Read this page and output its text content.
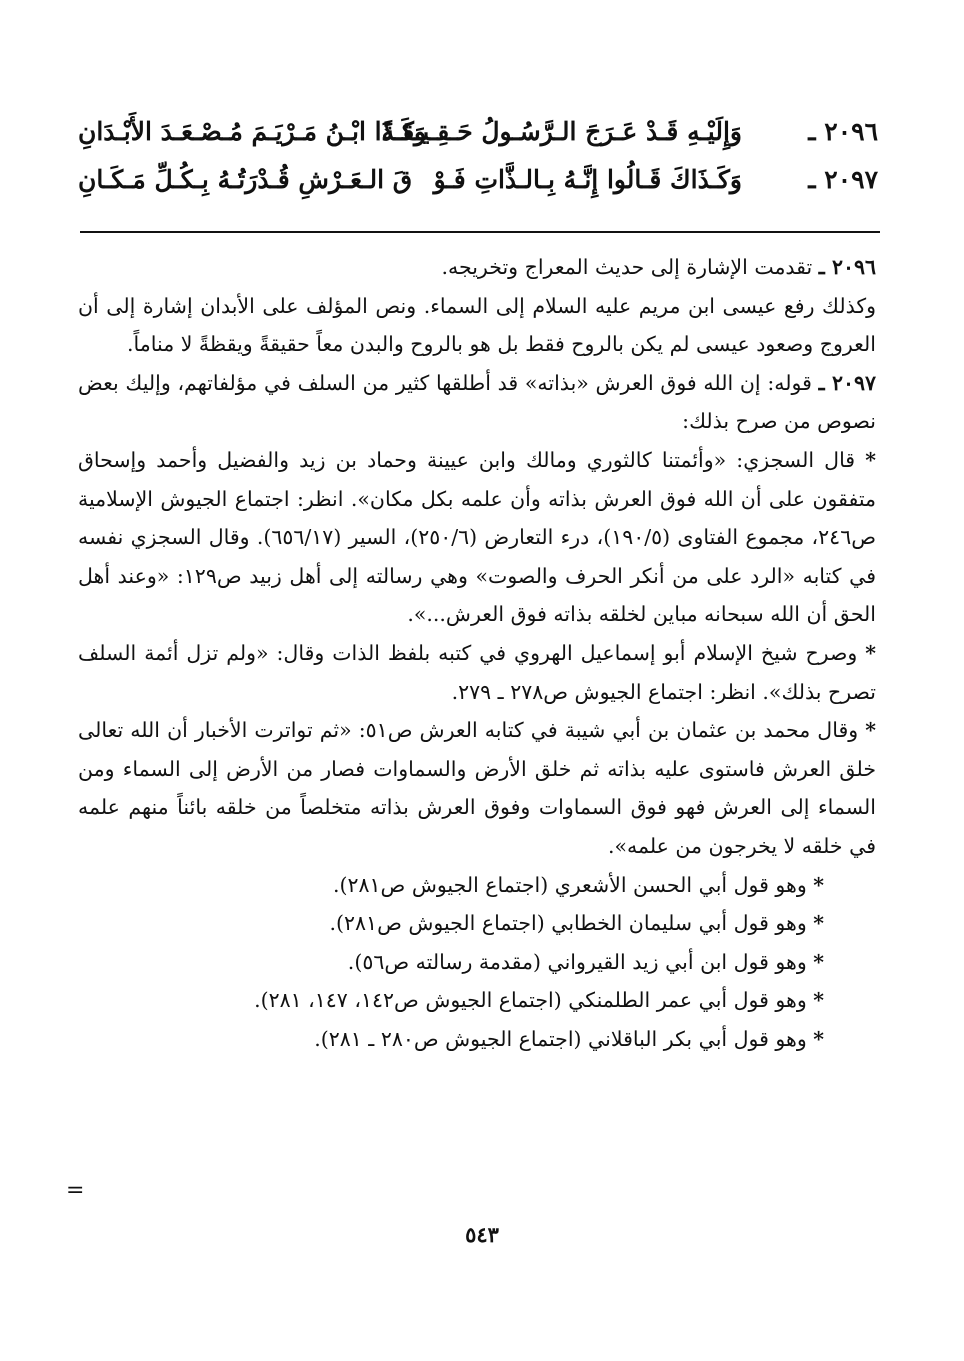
٢٠٩٦ ـ
وَإِلَيْـهِ قَـدْ عَـرَجَ الـرَّسُـولُ حَـقِـيـقَـةً
وَكَـذَا ابْـنُ مَـرْيَـمَ مُـصْـعَـدَ الأَبْـدَانِ
٢٠٩٧ ـ
وَكَـذَاكَ قَـالُوا إِنَّـهُ بِـالـذَّاتِ فَـوْ
قَ الـعَـرْشِ قُـدْرَتُـهُ بِـكُـلِّ مَـكَـانِ

٢٠٩٦ ـ تقدمت الإشارة إلى حديث المعراج وتخريجه.

وكذلك رفع عيسى ابن مريم عليه السلام إلى السماء. ونص المؤلف على الأبدان إشارة إلى أن العروج وصعود عيسى لم يكن بالروح فقط بل هو بالروح والبدن معاً حقيقةً ويقظةً لا مناماً.

٢٠٩٧ ـ قوله: إن الله فوق العرش «بذاته» قد أطلقها كثير من السلف في مؤلفاتهم، وإليك بعض نصوص من صرح بذلك:

* قال السجزي: «وأئمتنا كالثوري ومالك وابن عيينة وحماد بن زيد والفضيل وأحمد وإسحاق متفقون على أن الله فوق العرش بذاته وأن علمه بكل مكان». انظر: اجتماع الجيوش الإسلامية ص٢٤٦، مجموع الفتاوى (١٩٠/٥)، درء التعارض (٢٥٠/٦)، السير (٦٥٦/١٧). وقال السجزي نفسه في كتابه «الرد على من أنكر الحرف والصوت» وهي رسالته إلى أهل زبيد ص١٢٩: «وعند أهل الحق أن الله سبحانه مباين لخلقه بذاته فوق العرش...».

* وصرح شيخ الإسلام أبو إسماعيل الهروي في كتبه بلفظ الذات وقال: «ولم تزل أئمة السلف تصرح بذلك». انظر: اجتماع الجيوش ص٢٧٨ ـ ٢٧٩.

* وقال محمد بن عثمان بن أبي شيبة في كتابه العرش ص٥١: «ثم تواترت الأخبار أن الله تعالى خلق العرش فاستوى عليه بذاته ثم خلق الأرض والسماوات فصار من الأرض إلى السماء ومن السماء إلى العرش فهو فوق السماوات وفوق العرش بذاته متخلصاً من خلقه بائناً منهم علمه في خلقه لا يخرجون من علمه».

* وهو قول أبي الحسن الأشعري (اجتماع الجيوش ص٢٨١).

* وهو قول أبي سليمان الخطابي (اجتماع الجيوش ص٢٨١).

* وهو قول ابن أبي زيد القيرواني (مقدمة رسالته ص٥٦).

* وهو قول أبي عمر الطلمنكي (اجتماع الجيوش ص١٤٢، ١٤٧، ٢٨١).

* وهو قول أبي بكر الباقلاني (اجتماع الجيوش ص٢٨٠ ـ ٢٨١).

=
٥٤٣
